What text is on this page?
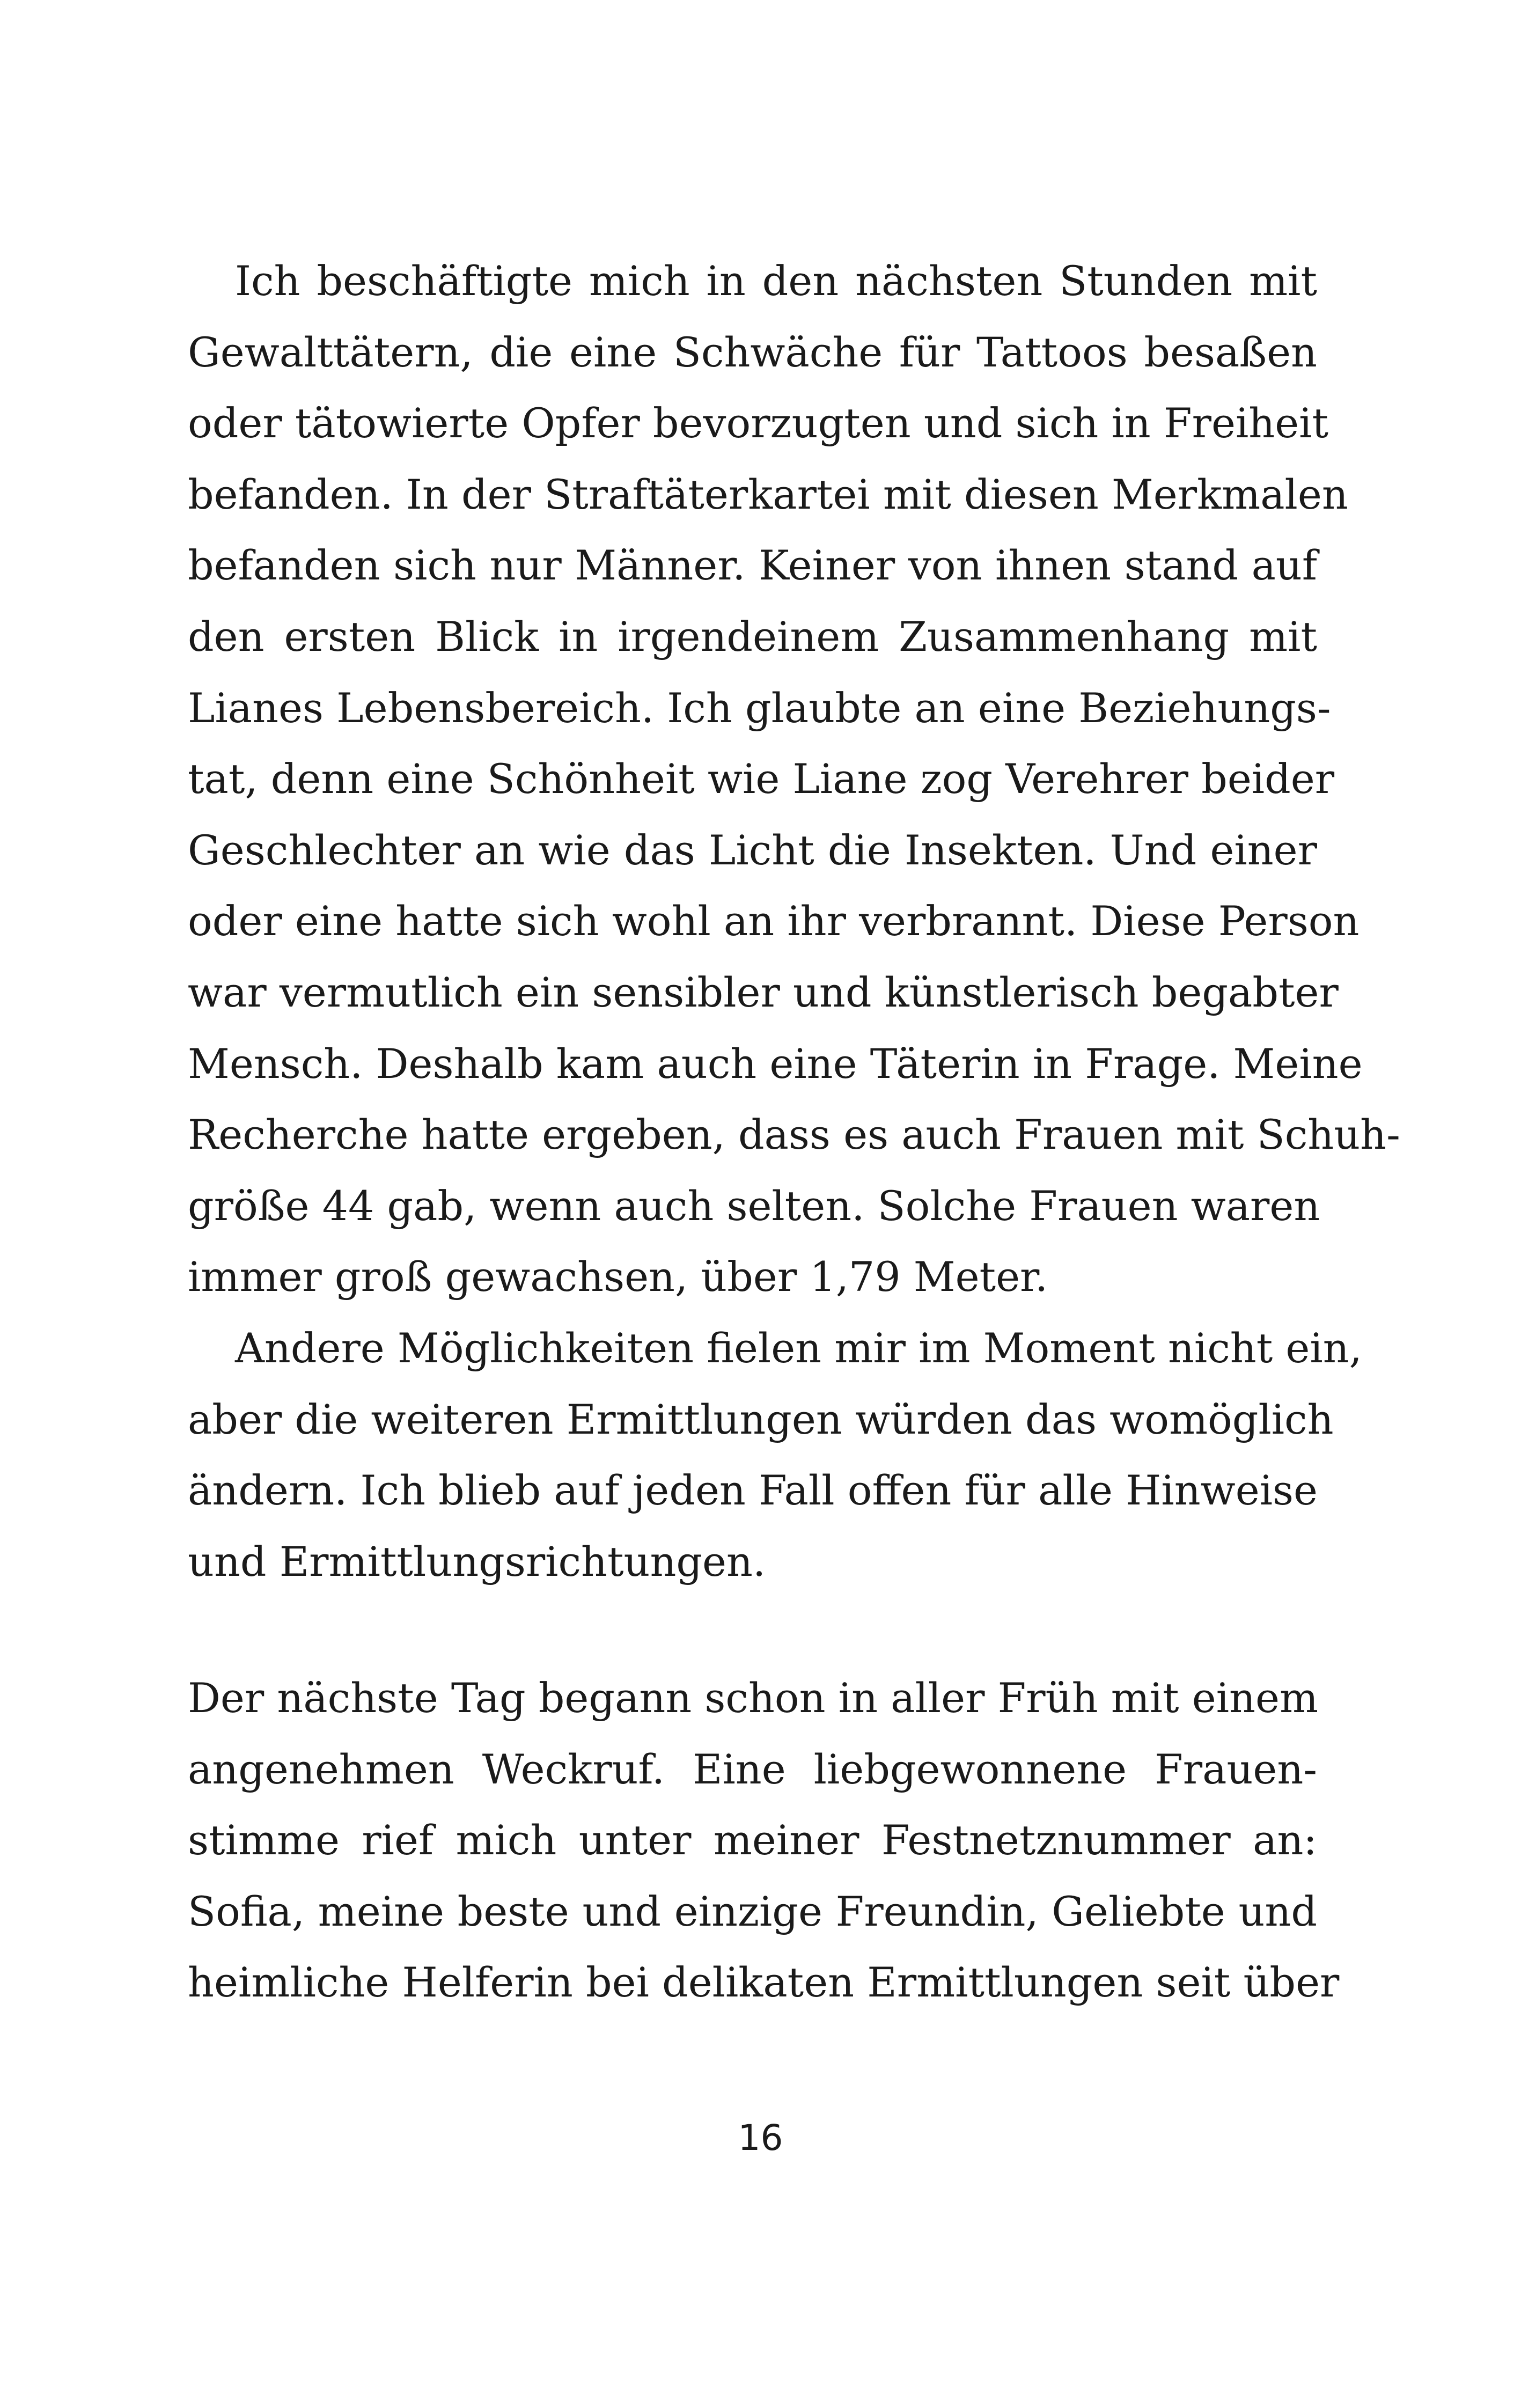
Ich beschäftigte mich in den nächsten Stunden mit
Gewalttätern, die eine Schwäche für Tattoos besaßen
oder tätowierte Opfer bevorzugten und sich in Freiheit
befanden. In der Straftäterkartei mit diesen Merkmalen
befanden sich nur Männer. Keiner von ihnen stand auf
den ersten Blick in irgendeinem Zusammenhang mit
Lianes Lebensbereich. Ich glaubte an eine Beziehungs-
tat, denn eine Schönheit wie Liane zog Verehrer beider
Geschlechter an wie das Licht die Insekten. Und einer
oder eine hatte sich wohl an ihr verbrannt. Diese Person
war vermutlich ein sensibler und künstlerisch begabter
Mensch. Deshalb kam auch eine Täterin in Frage. Meine
Recherche hatte ergeben, dass es auch Frauen mit Schuh-
größe 44 gab, wenn auch selten. Solche Frauen waren
immer groß gewachsen, über 1,79 Meter.
Andere Möglichkeiten fielen mir im Moment nicht ein,
aber die weiteren Ermittlungen würden das womöglich
ändern. Ich blieb auf jeden Fall offen für alle Hinweise
und Ermittlungsrichtungen.
Der nächste Tag begann schon in aller Früh mit einem
angenehmen Weckruf. Eine liebgewonnene Frauen-
stimme rief mich unter meiner Festnetznummer an:
Sofia, meine beste und einzige Freundin, Geliebte und
heimliche Helferin bei delikaten Ermittlungen seit über
16
